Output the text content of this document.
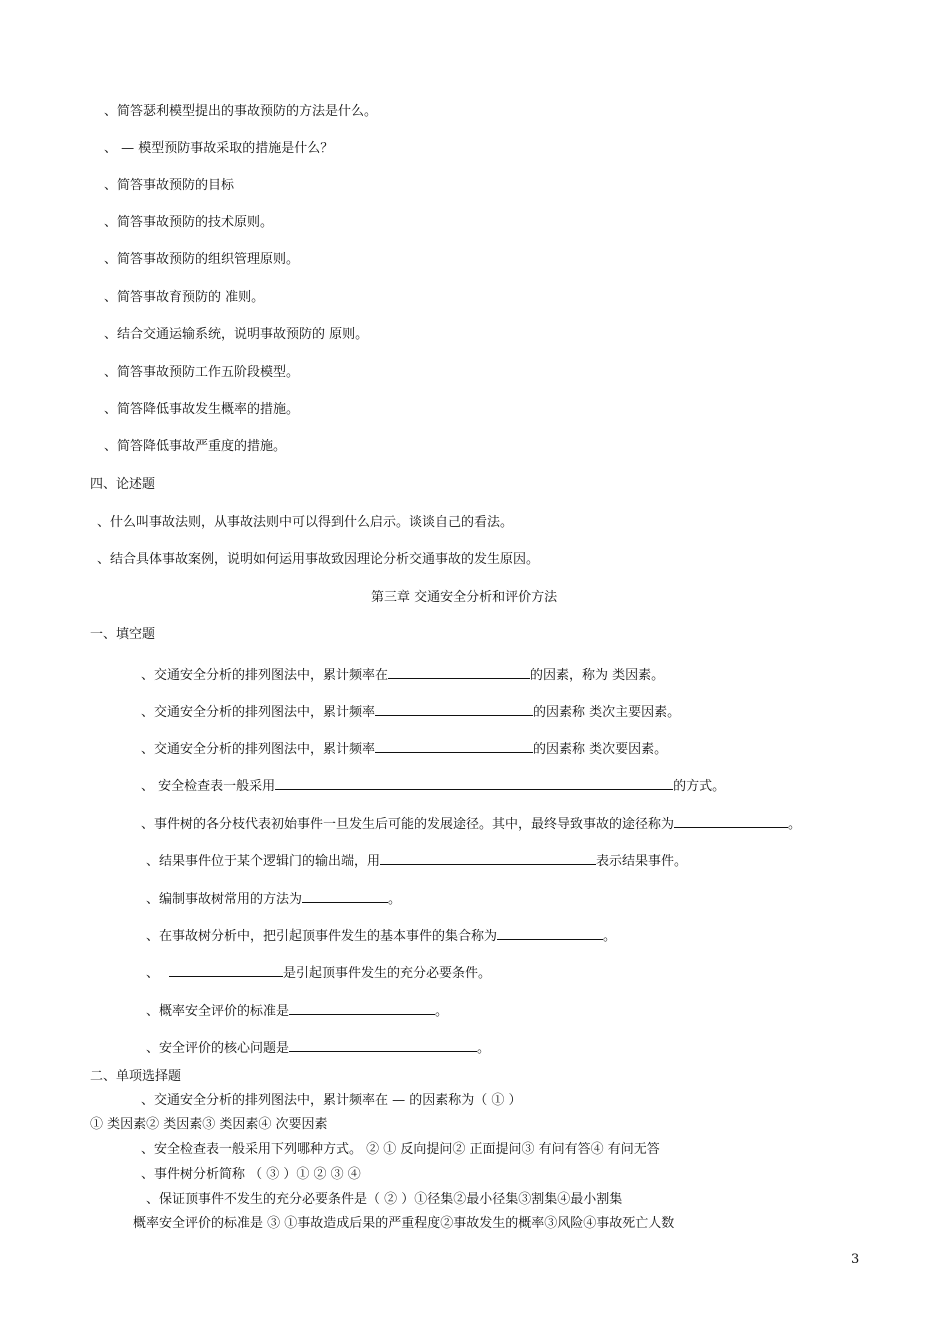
、简答瑟利模型提出的事故预防的方法是什么。
、 — 模型预防事故采取的措施是什么？
、简答事故预防的目标
、简答事故预防的技术原则。
、简答事故预防的组织管理原则。
、简答事故育预防的 准则。
、结合交通运输系统，说明事故预防的 原则。
、简答事故预防工作五阶段模型。
、简答降低事故发生概率的措施。
、简答降低事故严重度的措施。
四、论述题
、什么叫事故法则，从事故法则中可以得到什么启示。谈谈自己的看法。
、结合具体事故案例，说明如何运用事故致因理论分析交通事故的发生原因。
第三章 交通安全分析和评价方法
一、填空题
、交通安全分析的排列图法中，累计频率在	的因素，称为 类因素。
、交通安全分析的排列图法中，累计频率	的因素称 类次主要因素。
、交通安全分析的排列图法中，累计频率	的因素称 类次要因素。
、 安全检查表一般采用	的方式。
、事件树的各分枝代表初始事件一旦发生后可能的发展途径。其中，最终导致事故的途径称为	。
、结果事件位于某个逻辑门的输出端，用	表示结果事件。
、编制事故树常用的方法为	。
、在事故树分析中，把引起顶事件发生的基本事件的集合称为	。
、	是引起顶事件发生的充分必要条件。
、概率安全评价的标准是	。
、安全评价的核心问题是	。
二、单项选择题
、交通安全分析的排列图法中，累计频率在 — 的因素称为（ ① ）
① 类因素② 类因素③ 类因素④ 次要因素
、安全检查表一般采用下列哪种方式。 ② ① 反向提问② 正面提问③ 有问有答④ 有问无答
、事件树分析简称 （ ③ ）① ② ③ ④
、保证顶事件不发生的充分必要条件是（ ② ）①径集②最小径集③割集④最小割集
概率安全评价的标准是 ③ ①事故造成后果的严重程度②事故发生的概率③风险④事故死亡人数
3
